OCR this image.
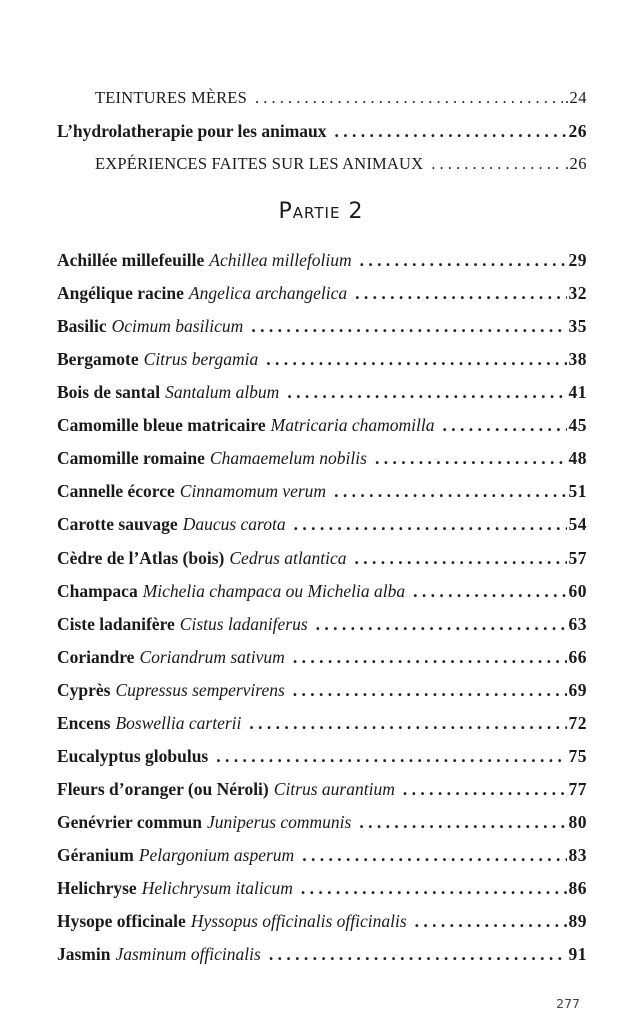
TEINTURES MÈRES . . .	.24
L’hydrolatherapie pour les animaux . . .	26
EXPÉRIENCES FAITES SUR LES ANIMAUX . . .	.26
Partie 2
Achillée millefeuille Achillea millefolium . . .	29
Angélique racine Angelica archangelica . . .	32
Basilic Ocimum basilicum . . .	35
Bergamote Citrus bergamia . . .	38
Bois de santal Santalum album . . .	41
Camomille bleue matricaire Matricaria chamomilla . . .	45
Camomille romaine Chamaemelum nobilis . . .	48
Cannelle écorce Cinnamomum verum . . .	51
Carotte sauvage Daucus carota . . .	54
Cèdre de l’Atlas (bois) Cedrus atlantica . . .	57
Champaca Michelia champaca ou Michelia alba . . .	60
Ciste ladanifère Cistus ladaniferus . . .	63
Coriandre Coriandrum sativum . . .	66
Cyprès Cupressus sempervirens . . .	69
Encens Boswellia carterii . . .	72
Eucalyptus globulus . . .	75
Fleurs d’oranger (ou Néroli) Citrus aurantium . . .	77
Genévrier commun Juniperus communis . . .	80
Géranium Pelargonium asperum . . .	83
Helichryse Helichrysum italicum . . .	86
Hysope officinale Hyssopus officinalis officinalis . . .	89
Jasmin Jasminum officinalis . . .	91
277
